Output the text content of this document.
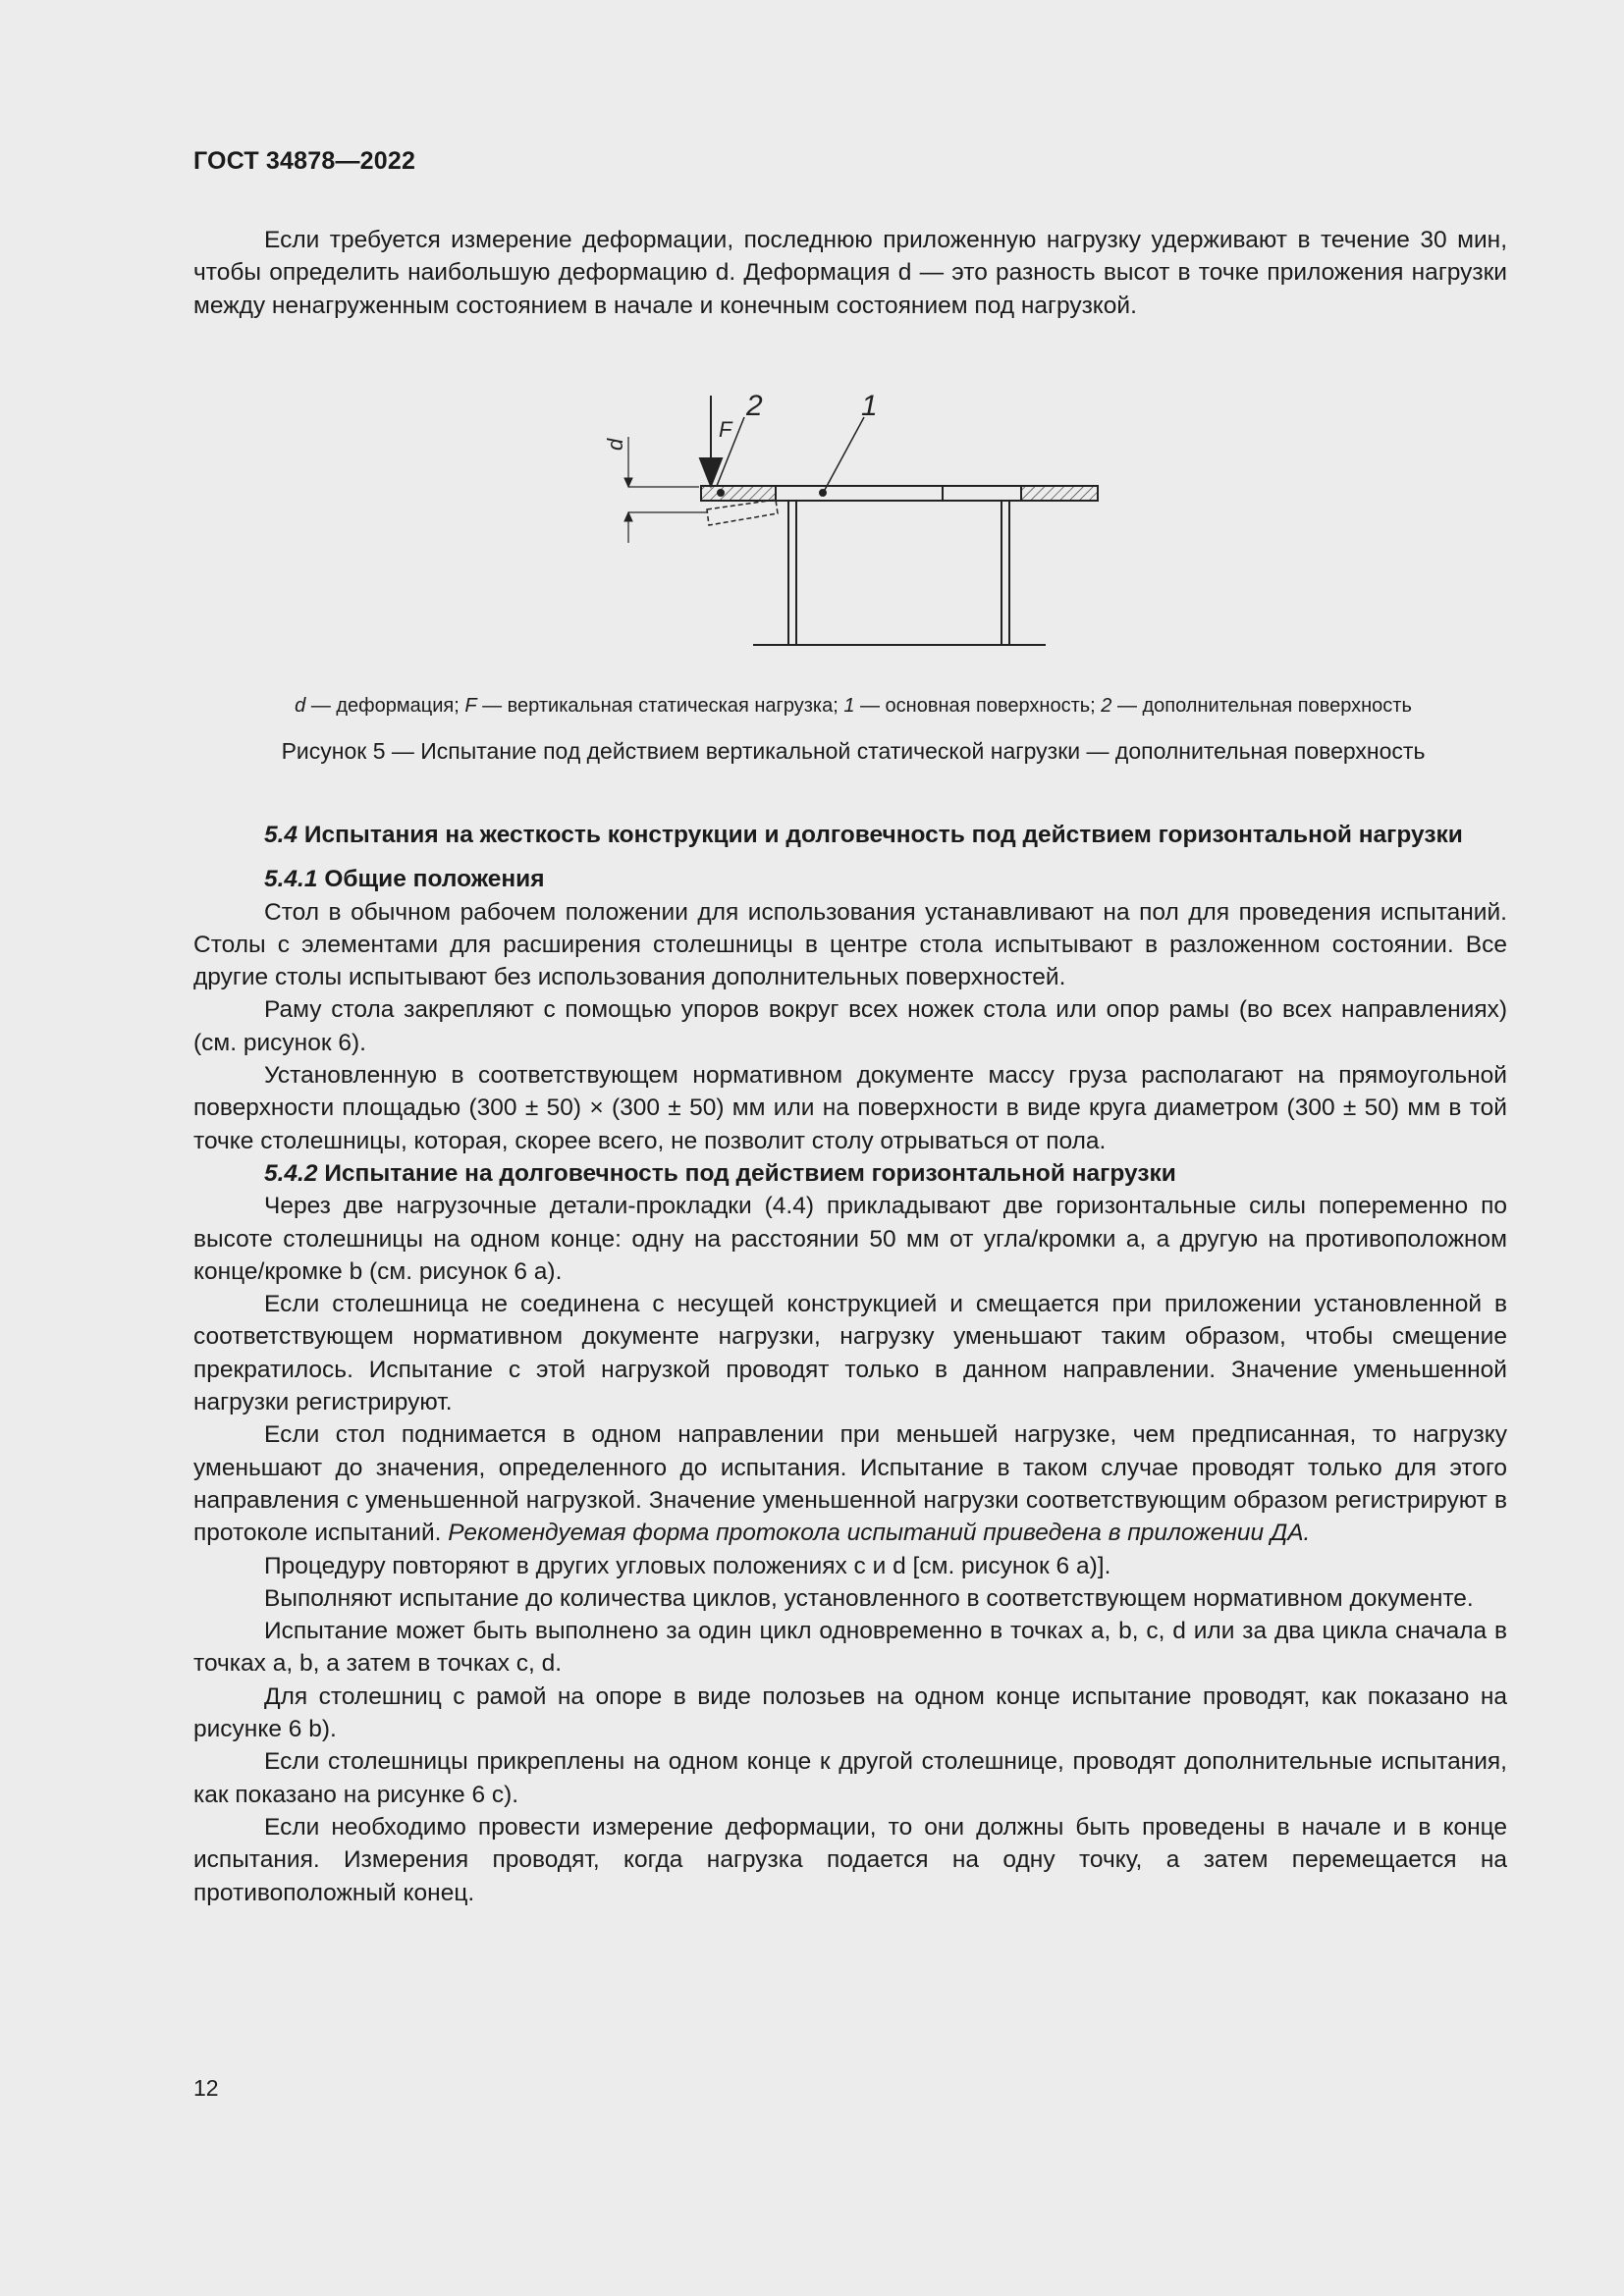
ГОСТ 34878—2022

Если требуется измерение деформации, последнюю приложенную нагрузку удерживают в течение 30 мин, чтобы определить наибольшую деформацию d. Деформация d — это разность высот в точке приложения нагрузки между ненагруженным состоянием в начале и конечным состоянием под нагрузкой.

F
2	1
d
d — деформация; F — вертикальная статическая нагрузка; 1 — основная поверхность; 2 — дополнительная поверхность
Рисунок 5 — Испытание под действием вертикальной статической нагрузки — дополнительная поверхность
5.4 Испытания на жесткость конструкции и долговечность под действием горизонтальной нагрузки
5.4.1 Общие положения

Стол в обычном рабочем положении для использования устанавливают на пол для проведения испытаний. Столы с элементами для расширения столешницы в центре стола испытывают в разложенном состоянии. Все другие столы испытывают без использования дополнительных поверхностей.

Раму стола закрепляют с помощью упоров вокруг всех ножек стола или опор рамы (во всех направлениях) (см. рисунок 6).

Установленную в соответствующем нормативном документе массу груза располагают на прямоугольной поверхности площадью (300 ± 50) × (300 ± 50) мм или на поверхности в виде круга диаметром (300 ± 50) мм в той точке столешницы, которая, скорее всего, не позволит столу отрываться от пола.

5.4.2 Испытание на долговечность под действием горизонтальной нагрузки

Через две нагрузочные детали-прокладки (4.4) прикладывают две горизонтальные силы попеременно по высоте столешницы на одном конце: одну на расстоянии 50 мм от угла/кромки a, а другую на противоположном конце/кромке b (см. рисунок 6 а).

Если столешница не соединена с несущей конструкцией и смещается при приложении установленной в соответствующем нормативном документе нагрузки, нагрузку уменьшают таким образом, чтобы смещение прекратилось. Испытание с этой нагрузкой проводят только в данном направлении. Значение уменьшенной нагрузки регистрируют.

Если стол поднимается в одном направлении при меньшей нагрузке, чем предписанная, то нагрузку уменьшают до значения, определенного до испытания. Испытание в таком случае проводят только для этого направления с уменьшенной нагрузкой. Значение уменьшенной нагрузки соответствующим образом регистрируют в протоколе испытаний. Рекомендуемая форма протокола испытаний приведена в приложении ДА.

Процедуру повторяют в других угловых положениях c и d [см. рисунок 6 а)].

Выполняют испытание до количества циклов, установленного в соответствующем нормативном документе.

Испытание может быть выполнено за один цикл одновременно в точках a, b, c, d или за два цикла сначала в точках a, b, а затем в точках c, d.

Для столешниц с рамой на опоре в виде полозьев на одном конце испытание проводят, как показано на рисунке 6 b).

Если столешницы прикреплены на одном конце к другой столешнице, проводят дополнительные испытания, как показано на рисунке 6 c).

Если необходимо провести измерение деформации, то они должны быть проведены в начале и в конце испытания. Измерения проводят, когда нагрузка подается на одну точку, а затем перемещается на противоположный конец.

12
